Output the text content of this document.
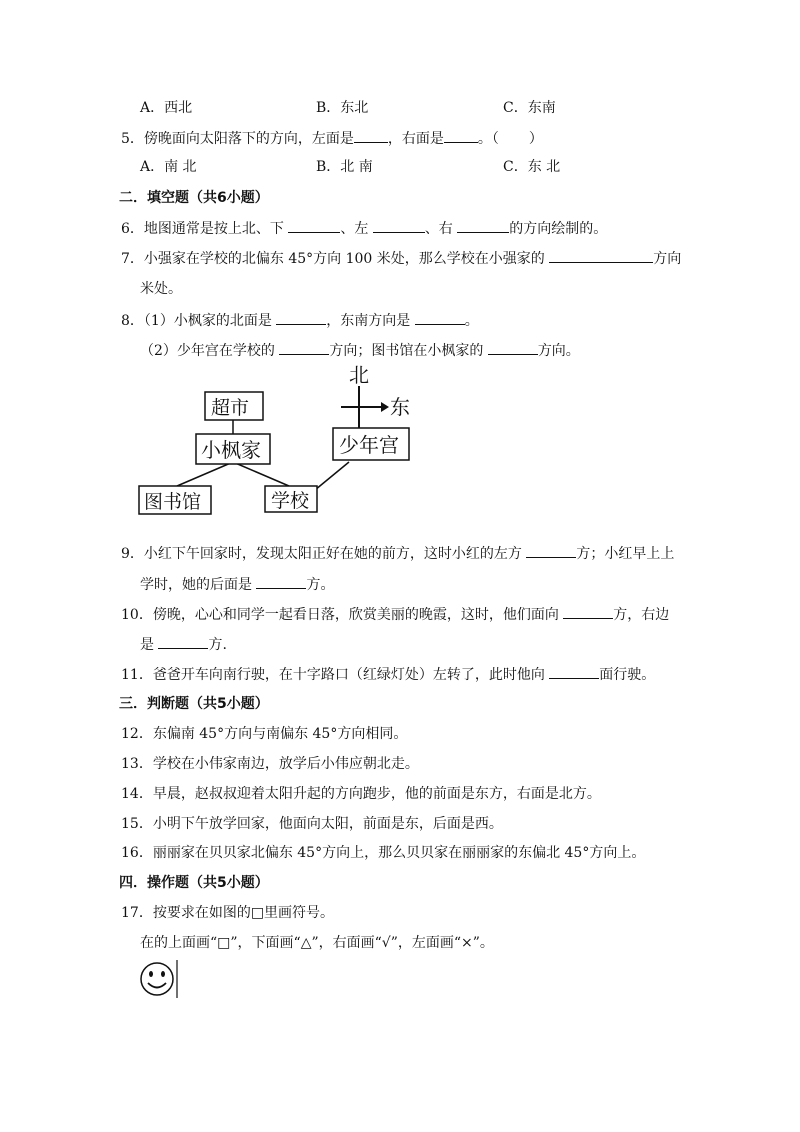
A．西北	B．东北	C．东南
5．傍晚面向太阳落下的方向，左面是 ，右面是 。（ ）
A．南 北	B．北 南	C．东 北
二．填空题（共6小题）
6．地图通常是按上北、下	、左	、右	的方向绘制的。
7．小强家在学校的北偏东 45°方向 100 米处，那么学校在小强家的	方向
米处。
8．（1）小枫家的北面是	，东南方向是	。
（2）少年宫在学校的	方向；图书馆在小枫家的	方向。
北
东
超市
小枫家	少年宫
图书馆	学校
9．小红下午回家时，发现太阳正好在她的前方，这时小红的左方	方；小红早上上
学时，她的后面是	方。
10．傍晚，心心和同学一起看日落，欣赏美丽的晚霞，这时，他们面向	方，右边
是	方.
11．爸爸开车向南行驶，在十字路口（红绿灯处）左转了，此时他向	面行驶。
三．判断题（共5小题）
12．东偏南 45°方向与南偏东 45°方向相同。
13．学校在小伟家南边，放学后小伟应朝北走。
14．早晨，赵叔叔迎着太阳升起的方向跑步，他的前面是东方，右面是北方。
15．小明下午放学回家，他面向太阳，前面是东，后面是西。
16．丽丽家在贝贝家北偏东 45°方向上，那么贝贝家在丽丽家的东偏北 45°方向上。
四．操作题（共5小题）
17．按要求在如图的□里画符号。
在的上面画“□”，下面画“△”，右面画“√”，左面画“×”。
